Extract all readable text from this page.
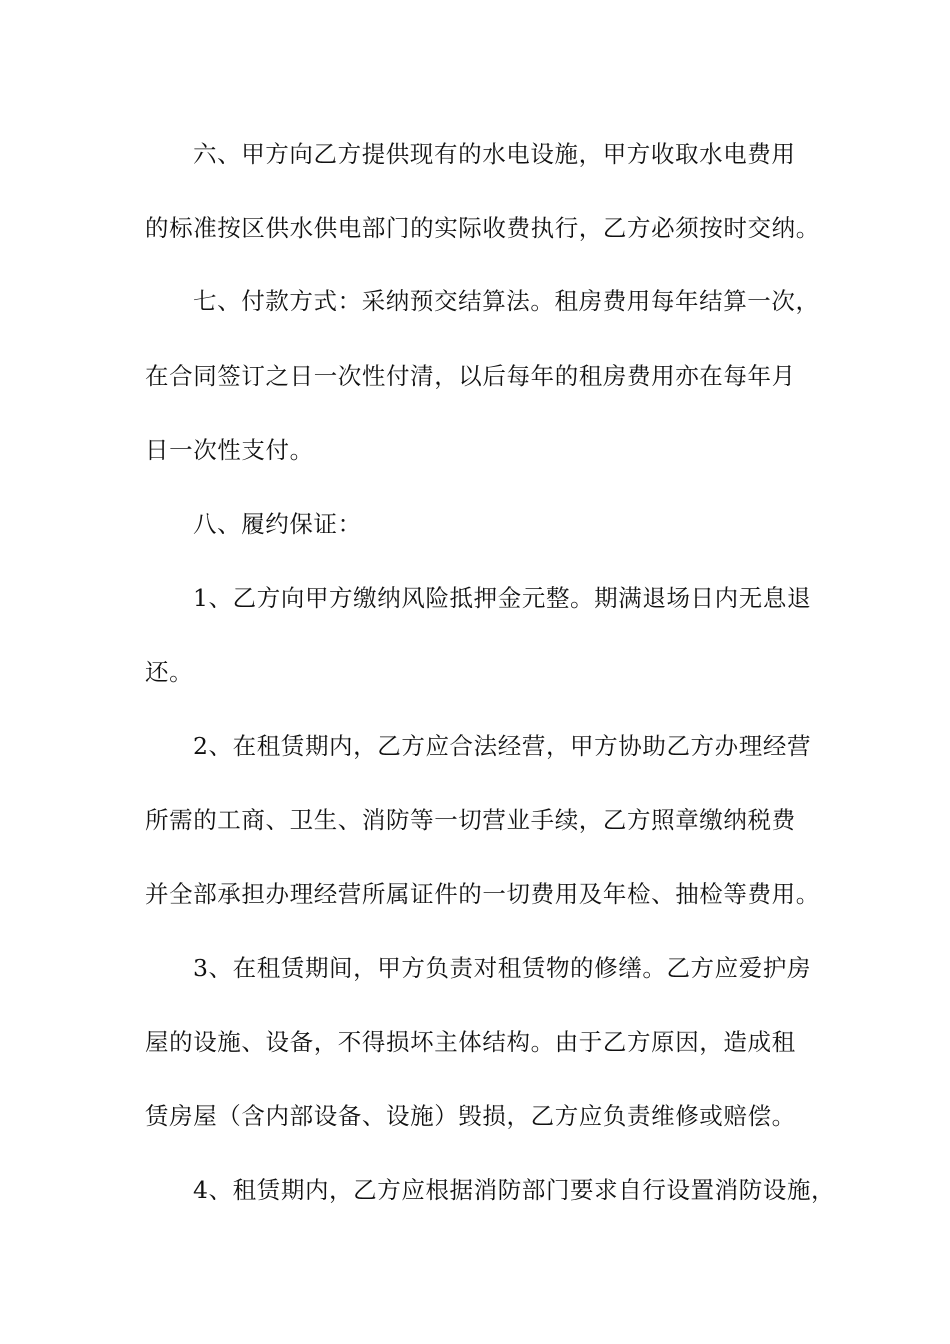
六、甲方向乙方提供现有的水电设施，甲方收取水电费用
的标准按区供水供电部门的实际收费执行，乙方必须按时交纳。
七、付款方式：采纳预交结算法。租房费用每年结算一次，
在合同签订之日一次性付清，以后每年的租房费用亦在每年月
日一次性支付。
八、履约保证：
1、乙方向甲方缴纳风险抵押金元整。期满退场日内无息退
还。
2、在租赁期内，乙方应合法经营，甲方协助乙方办理经营
所需的工商、卫生、消防等一切营业手续，乙方照章缴纳税费
并全部承担办理经营所属证件的一切费用及年检、抽检等费用。
3、在租赁期间，甲方负责对租赁物的修缮。乙方应爱护房
屋的设施、设备，不得损坏主体结构。由于乙方原因，造成租
赁房屋（含内部设备、设施）毁损，乙方应负责维修或赔偿。
4、租赁期内，乙方应根据消防部门要求自行设置消防设施，
